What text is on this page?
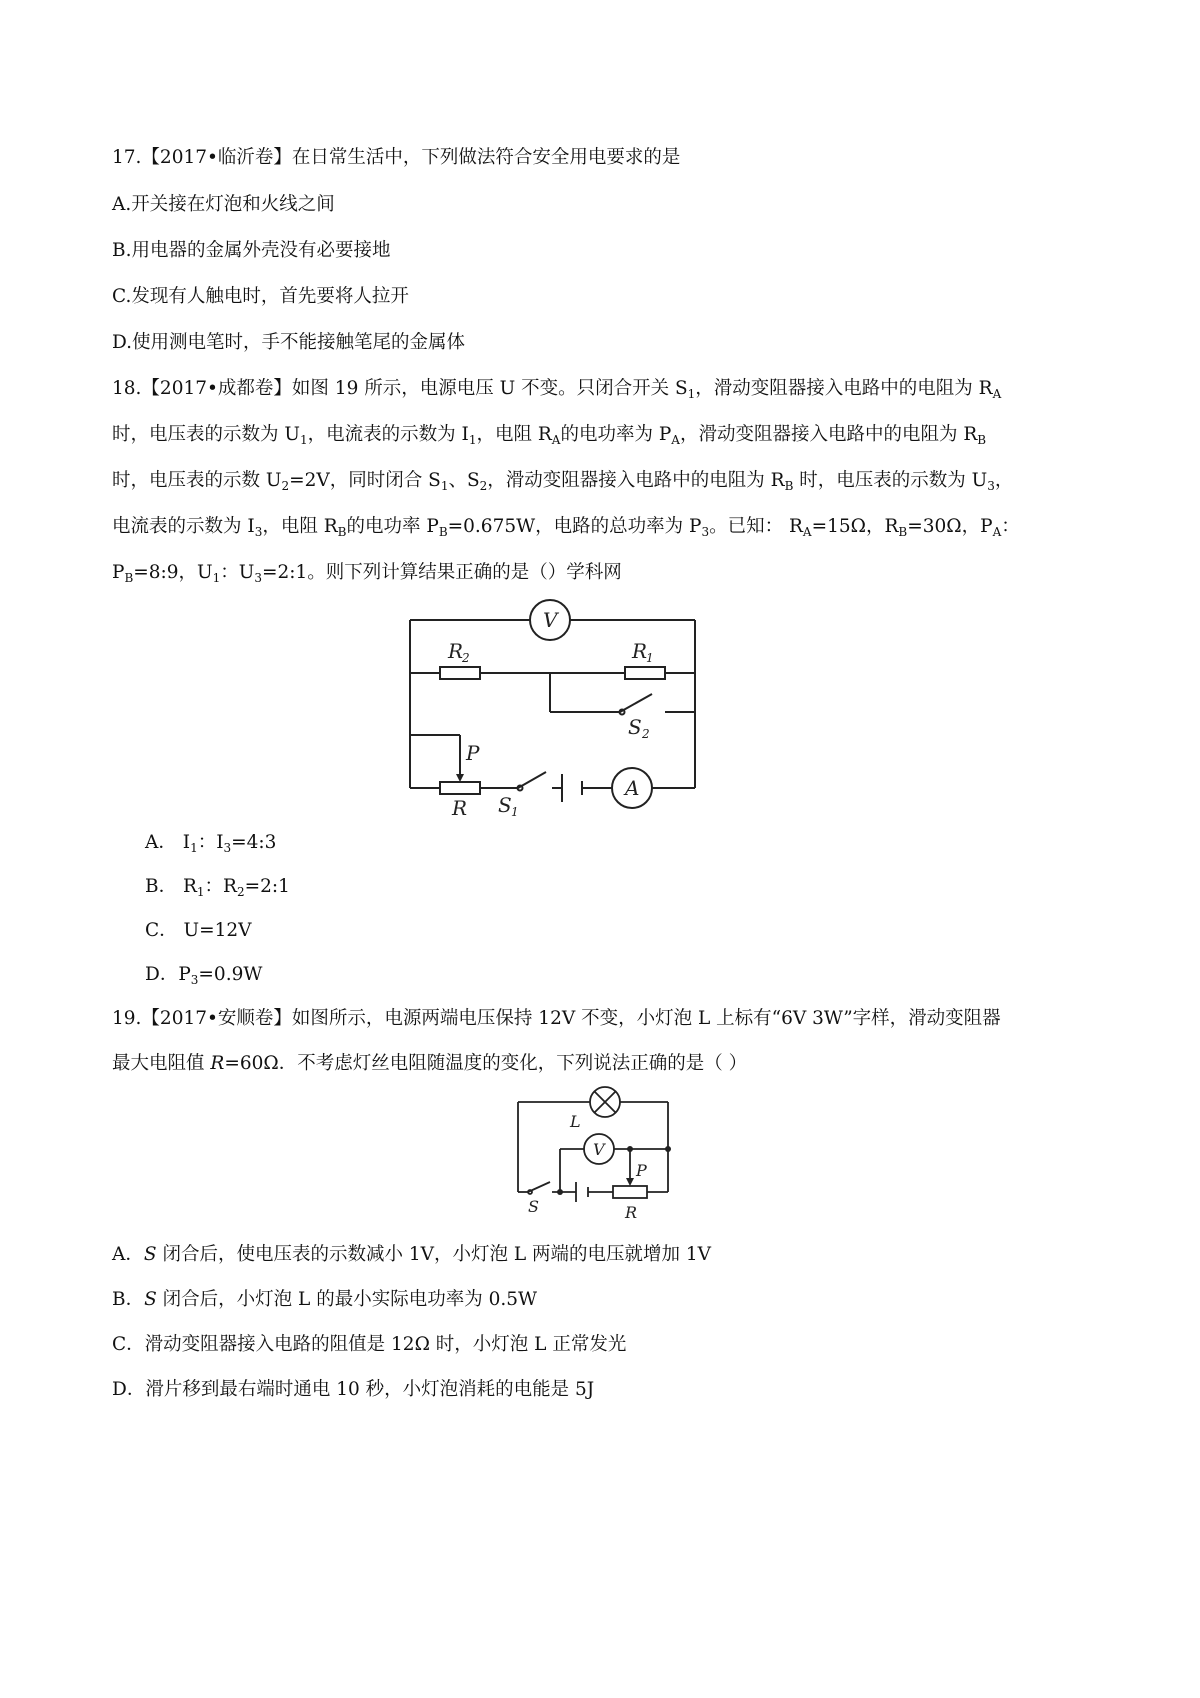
17.【2017•临沂卷】在日常生活中，下列做法符合安全用电要求的是
A.开关接在灯泡和火线之间
B.用电器的金属外壳没有必要接地
C.发现有人触电时，首先要将人拉开
D.使用测电笔时，手不能接触笔尾的金属体
18.【2017•成都卷】如图 19 所示，电源电压 U 不变。只闭合开关 $S_1$，滑动变阻器接入电路中的电阻为 $R_A$
时，电压表的示数为 $U_1$，电流表的示数为 $I_1$，电阻 $R_A$的电功率为 $P_A$，滑动变阻器接入电路中的电阻为 $R_B$
时，电压表的示数 $U_2=2V$，同时闭合 $S_1$、$S_2$，滑动变阻器接入电路中的电阻为 $R_B$ 时，电压表的示数为 $U_3$，
电流表的示数为 $I_3$，电阻 $R_B$的电功率 $P_B=0.675W$，电路的总功率为 $P_3$。已知： $R_A=15\Omega$，$R_B=30\Omega$，$P_A$：
$P_B=8:9$，$U_1$：$U_3=2:1$。则下列计算结果正确的是（）学科网
V
A
R
2	R
1
S 2
P
R S 1
A． $I_1$：$I_3=4:3$
B． $R_1$：$R_2=2:1$
C． U=12V
D．$P_3=0.9W$
19.【2017•安顺卷】如图所示，电源两端电压保持 12V 不变，小灯泡 L 上标有“6V 3W”字样，滑动变阻器
最大电阻值 R=60Ω．不考虑灯丝电阻随温度的变化，下列说法正确的是（ ）
L
V
P
S	R
A．S 闭合后，使电压表的示数减小 1V，小灯泡 L 两端的电压就增加 1V
B．S 闭合后，小灯泡 L 的最小实际电功率为 0.5W
C．滑动变阻器接入电路的阻值是 12Ω 时，小灯泡 L 正常发光
D．滑片移到最右端时通电 10 秒，小灯泡消耗的电能是 5J
